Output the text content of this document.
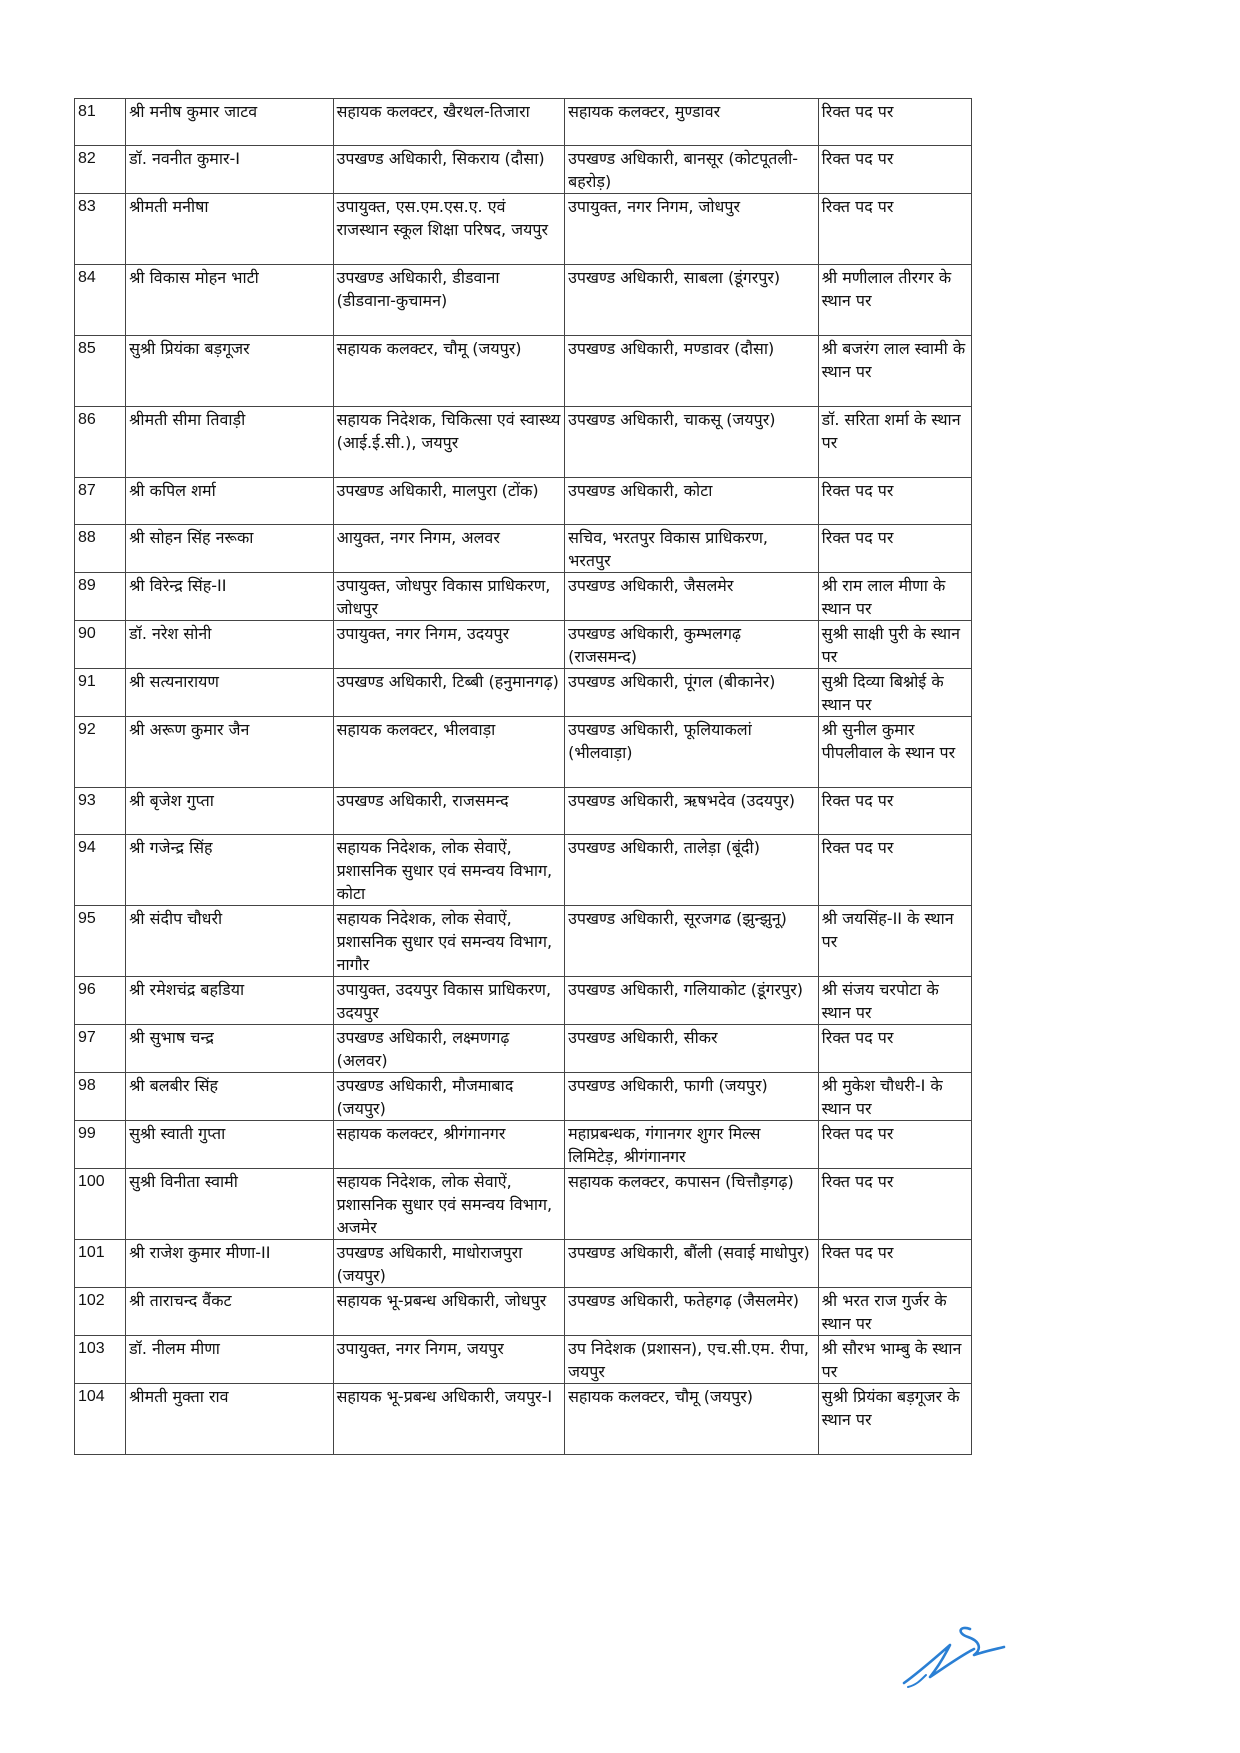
81	श्री मनीष कुमार जाटव	सहायक कलक्टर, खैरथल-तिजारा	सहायक कलक्टर, मुण्डावर	रिक्त पद पर
82	डॉ. नवनीत कुमार-I	उपखण्ड अधिकारी, सिकराय (दौसा)	उपखण्ड अधिकारी, बानसूर (कोटपूतली-बहरोड़)	रिक्त पद पर
83	श्रीमती मनीषा	उपायुक्त, एस.एम.एस.ए. एवं राजस्थान स्कूल शिक्षा परिषद, जयपुर	उपायुक्त, नगर निगम, जोधपुर	रिक्त पद पर
84	श्री विकास मोहन भाटी	उपखण्ड अधिकारी, डीडवाना (डीडवाना-कुचामन)	उपखण्ड अधिकारी, साबला (डूंगरपुर)	श्री मणीलाल तीरगर के स्थान पर
85	सुश्री प्रियंका बड़गूजर	सहायक कलक्टर, चौमू (जयपुर)	उपखण्ड अधिकारी, मण्डावर (दौसा)	श्री बजरंग लाल स्वामी के स्थान पर
86	श्रीमती सीमा तिवाड़ी	सहायक निदेशक, चिकित्सा एवं स्वास्थ्य (आई.ई.सी.), जयपुर	उपखण्ड अधिकारी, चाकसू (जयपुर)	डॉ. सरिता शर्मा के स्थान पर
87	श्री कपिल शर्मा	उपखण्ड अधिकारी, मालपुरा (टोंक)	उपखण्ड अधिकारी, कोटा	रिक्त पद पर
88	श्री सोहन सिंह नरूका	आयुक्त, नगर निगम, अलवर	सचिव, भरतपुर विकास प्राधिकरण, भरतपुर	रिक्त पद पर
89	श्री विरेन्द्र सिंह-II	उपायुक्त, जोधपुर विकास प्राधिकरण, जोधपुर	उपखण्ड अधिकारी, जैसलमेर	श्री राम लाल मीणा के स्थान पर
90	डॉ. नरेश सोनी	उपायुक्त, नगर निगम, उदयपुर	उपखण्ड अधिकारी, कुम्भलगढ़ (राजसमन्द)	सुश्री साक्षी पुरी के स्थान पर
91	श्री सत्यनारायण	उपखण्ड अधिकारी, टिब्बी (हनुमानगढ़)	उपखण्ड अधिकारी, पूंगल (बीकानेर)	सुश्री दिव्या बिश्नोई के स्थान पर
92	श्री अरूण कुमार जैन	सहायक कलक्टर, भीलवाड़ा	उपखण्ड अधिकारी, फूलियाकलां (भीलवाड़ा)	श्री सुनील कुमार पीपलीवाल के स्थान पर
93	श्री बृजेश गुप्ता	उपखण्ड अधिकारी, राजसमन्द	उपखण्ड अधिकारी, ऋषभदेव (उदयपुर)	रिक्त पद पर
94	श्री गजेन्द्र सिंह	सहायक निदेशक, लोक सेवाऐं, प्रशासनिक सुधार एवं समन्वय विभाग, कोटा	उपखण्ड अधिकारी, तालेड़ा (बूंदी)	रिक्त पद पर
95	श्री संदीप चौधरी	सहायक निदेशक, लोक सेवाऐं, प्रशासनिक सुधार एवं समन्वय विभाग, नागौर	उपखण्ड अधिकारी, सूरजगढ (झुन्झुनू)	श्री जयसिंह-II के स्थान पर
96	श्री रमेशचंद्र बहडिया	उपायुक्त, उदयपुर विकास प्राधिकरण, उदयपुर	उपखण्ड अधिकारी, गलियाकोट (डूंगरपुर)	श्री संजय चरपोटा के स्थान पर
97	श्री सुभाष चन्द्र	उपखण्ड अधिकारी, लक्ष्मणगढ़ (अलवर)	उपखण्ड अधिकारी, सीकर	रिक्त पद पर
98	श्री बलबीर सिंह	उपखण्ड अधिकारी, मौजमाबाद (जयपुर)	उपखण्ड अधिकारी, फागी (जयपुर)	श्री मुकेश चौधरी-I के स्थान पर
99	सुश्री स्वाती गुप्ता	सहायक कलक्टर, श्रीगंगानगर	महाप्रबन्धक, गंगानगर शुगर मिल्स लिमिटेड़, श्रीगंगानगर	रिक्त पद पर
100	सुश्री विनीता स्वामी	सहायक निदेशक, लोक सेवाऐं, प्रशासनिक सुधार एवं समन्वय विभाग, अजमेर	सहायक कलक्टर, कपासन (चित्तौड़गढ़)	रिक्त पद पर
101	श्री राजेश कुमार मीणा-II	उपखण्ड अधिकारी, माधोराजपुरा (जयपुर)	उपखण्ड अधिकारी, बौंली (सवाई माधोपुर)	रिक्त पद पर
102	श्री ताराचन्द वैंकट	सहायक भू-प्रबन्ध अधिकारी, जोधपुर	उपखण्ड अधिकारी, फतेहगढ़ (जैसलमेर)	श्री भरत राज गुर्जर के स्थान पर
103	डॉ. नीलम मीणा	उपायुक्त, नगर निगम, जयपुर	उप निदेशक (प्रशासन), एच.सी.एम. रीपा, जयपुर	श्री सौरभ भाम्बु के स्थान पर
104	श्रीमती मुक्ता राव	सहायक भू-प्रबन्ध अधिकारी, जयपुर-I	सहायक कलक्टर, चौमू (जयपुर)	सुश्री प्रियंका बड़गूजर के स्थान पर
